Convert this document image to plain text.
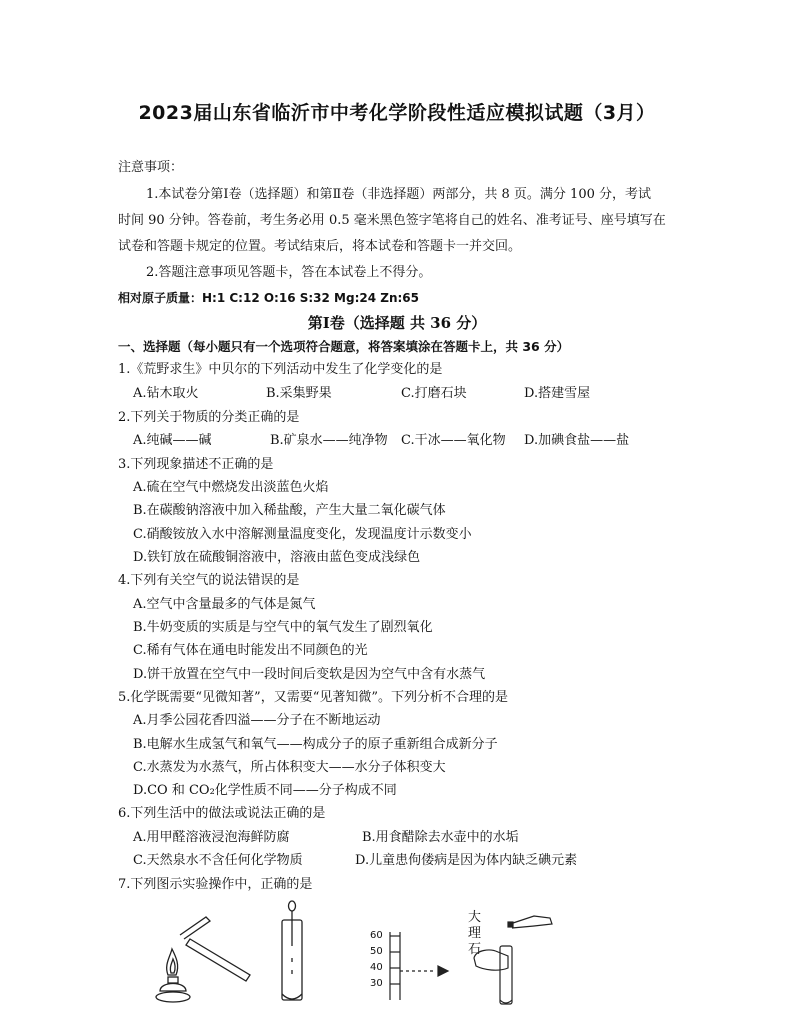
2023届山东省临沂市中考化学阶段性适应模拟试题（3月）
注意事项：
1.本试卷分第Ⅰ卷（选择题）和第Ⅱ卷（非选择题）两部分，共 8 页。满分 100 分，考试
时间 90 分钟。答卷前，考生务必用 0.5 毫米黑色签字笔将自己的姓名、准考证号、座号填写在
试卷和答题卡规定的位置。考试结束后，将本试卷和答题卡一并交回。
2.答题注意事项见答题卡，答在本试卷上不得分。
相对原子质量：H:1 C:12 O:16 S:32 Mg:24 Zn:65
第Ⅰ卷（选择题 共 36 分）
一、选择题（每小题只有一个选项符合题意，将答案填涂在答题卡上，共 36 分）
1.《荒野求生》中贝尔的下列活动中发生了化学变化的是
A.钻木取火	B.采集野果	C.打磨石块	D.搭建雪屋
2.下列关于物质的分类正确的是
A.纯碱——碱	B.矿泉水——纯净物 C.干冰——氧化物 D.加碘食盐——盐
3.下列现象描述不正确的是
A.硫在空气中燃烧发出淡蓝色火焰
B.在碳酸钠溶液中加入稀盐酸，产生大量二氧化碳气体
C.硝酸铵放入水中溶解测量温度变化，发现温度计示数变小
D.铁钉放在硫酸铜溶液中，溶液由蓝色变成浅绿色
4.下列有关空气的说法错误的是
A.空气中含量最多的气体是氮气
B.牛奶变质的实质是与空气中的氧气发生了剧烈氧化
C.稀有气体在通电时能发出不同颜色的光
D.饼干放置在空气中一段时间后变软是因为空气中含有水蒸气
5.化学既需要“见微知著”，又需要“见著知微”。下列分析不合理的是
A.月季公园花香四溢——分子在不断地运动
B.电解水生成氢气和氧气——构成分子的原子重新组合成新分子
C.水蒸发为水蒸气，所占体积变大——水分子体积变大
D.CO 和 CO₂化学性质不同——分子构成不同
6.下列生活中的做法或说法正确的是
A.用甲醛溶液浸泡海鲜防腐	B.用食醋除去水壶中的水垢
C.天然泉水不含任何化学物质	D.儿童患佝偻病是因为体内缺乏碘元素
7.下列图示实验操作中，正确的是
60
50
40
30
大
理
石
